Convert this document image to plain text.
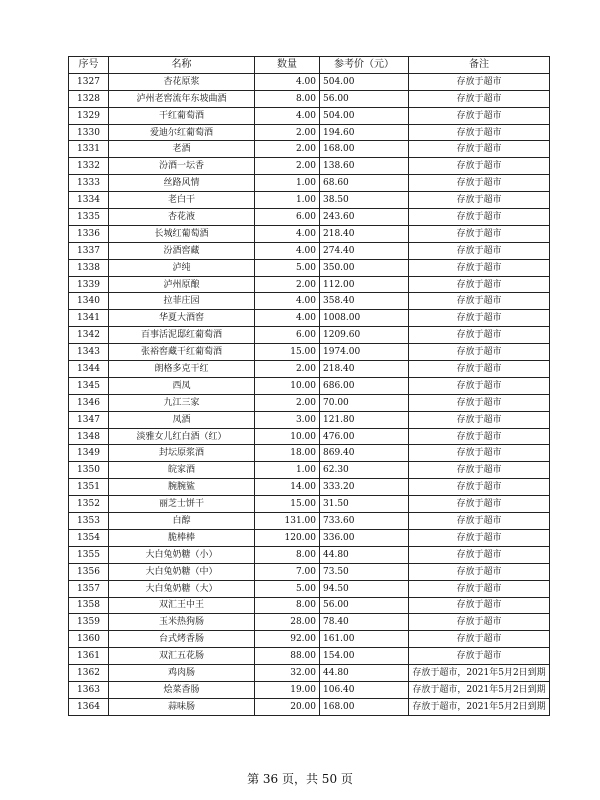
序号	名称	数量	参考价（元）	备注
1327	杏花原浆	4.00	504.00	存放于超市
1328	泸州老窖流年东坡曲酒	8.00	56.00	存放于超市
1329	干红葡萄酒	4.00	504.00	存放于超市
1330	爱迪尔红葡萄酒	2.00	194.60	存放于超市
1331	老酒	2.00	168.00	存放于超市
1332	汾酒一坛香	2.00	138.60	存放于超市
1333	丝路风情	1.00	68.60	存放于超市
1334	老白干	1.00	38.50	存放于超市
1335	杏花液	6.00	243.60	存放于超市
1336	长城红葡萄酒	4.00	218.40	存放于超市
1337	汾酒窖藏	4.00	274.40	存放于超市
1338	泸纯	5.00	350.00	存放于超市
1339	泸州原酿	2.00	112.00	存放于超市
1340	拉菲庄园	4.00	358.40	存放于超市
1341	华夏大酒窖	4.00	1008.00	存放于超市
1342	百事活泥邸红葡萄酒	6.00	1209.60	存放于超市
1343	张裕窖藏干红葡萄酒	15.00	1974.00	存放于超市
1344	朗格多克干红	2.00	218.40	存放于超市
1345	西凤	10.00	686.00	存放于超市
1346	九江三家	2.00	70.00	存放于超市
1347	凤酒	3.00	121.80	存放于超市
1348	淡雅女儿红白酒（红）	10.00	476.00	存放于超市
1349	封坛原浆酒	18.00	869.40	存放于超市
1350	皖家酒	1.00	62.30	存放于超市
1351	腕腕鲨	14.00	333.20	存放于超市
1352	丽芝士饼干	15.00	31.50	存放于超市
1353	白醇	131.00	733.60	存放于超市
1354	脆棒棒	120.00	336.00	存放于超市
1355	大白兔奶糖（小）	8.00	44.80	存放于超市
1356	大白兔奶糖（中）	7.00	73.50	存放于超市
1357	大白兔奶糖（大）	5.00	94.50	存放于超市
1358	双汇王中王	8.00	56.00	存放于超市
1359	玉米热狗肠	28.00	78.40	存放于超市
1360	台式烤香肠	92.00	161.00	存放于超市
1361	双汇五花肠	88.00	154.00	存放于超市
1362	鸡肉肠	32.00	44.80	存放于超市，2021年5月2日到期
1363	烩菜香肠	19.00	106.40	存放于超市，2021年5月2日到期
1364	蒜味肠	20.00	168.00	存放于超市，2021年5月2日到期
第 36 页，共 50 页
